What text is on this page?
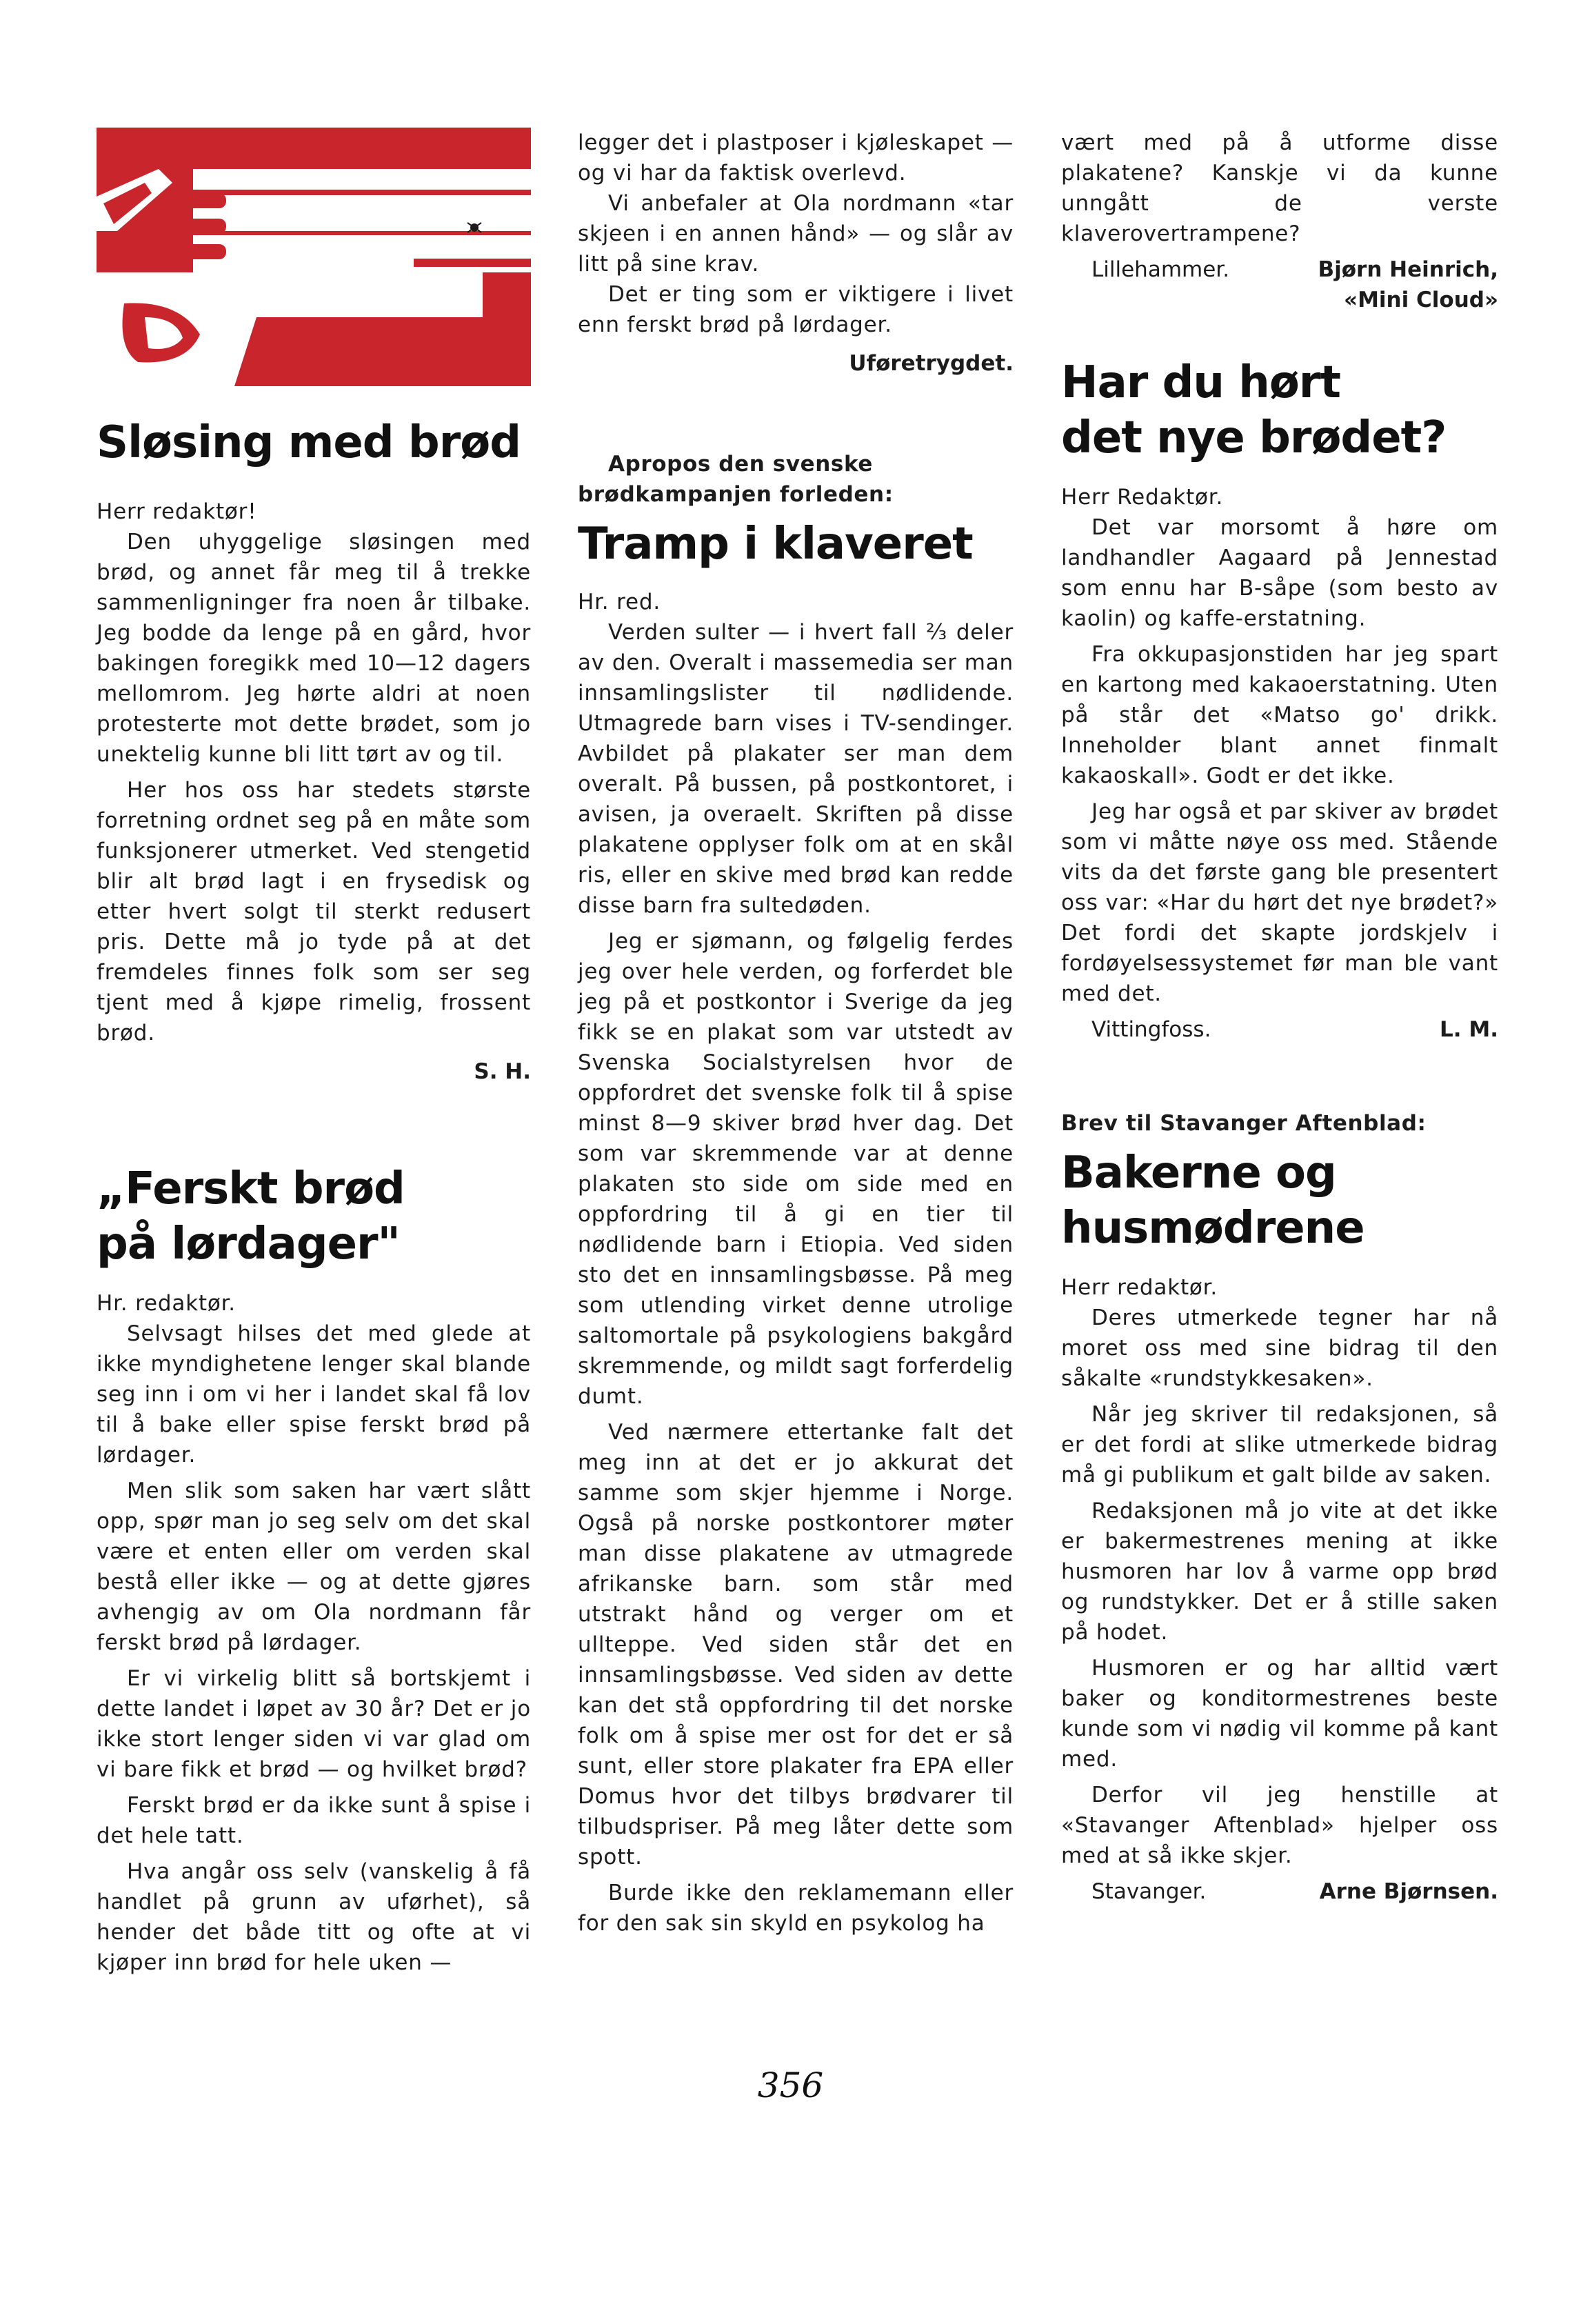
Sløsing med brød

Herr redaktør!

Den uhyggelige sløsingen med brød, og annet får meg til å trekke sammenligninger fra noen år tilbake. Jeg bodde da lenge på en gård, hvor bakingen foregikk med 10—12 dagers mellomrom. Jeg hørte aldri at noen protesterte mot dette brødet, som jo unektelig kunne bli litt tørt av og til.

Her hos oss har stedets største forretning ordnet seg på en måte som funksjonerer utmerket. Ved stengetid blir alt brød lagt i en frysedisk og etter hvert solgt til sterkt redusert pris. Dette må jo tyde på at det fremdeles finnes folk som ser seg tjent med å kjøpe rimelig, frossent brød.

S. H.
„Ferskt brød
på lørdager"

Hr. redaktør.

Selvsagt hilses det med glede at ikke myndighetene lenger skal blande seg inn i om vi her i landet skal få lov til å bake eller spise ferskt brød på lørdager.

Men slik som saken har vært slått opp, spør man jo seg selv om det skal være et enten eller om verden skal bestå eller ikke — og at dette gjøres avhengig av om Ola nordmann får ferskt brød på lørdager.

Er vi virkelig blitt så bortskjemt i dette landet i løpet av 30 år? Det er jo ikke stort lenger siden vi var glad om vi bare fikk et brød — og hvilket brød?

Ferskt brød er da ikke sunt å spise i det hele tatt.

Hva angår oss selv (vanskelig å få handlet på grunn av uførhet), så hender det både titt og ofte at vi kjøper inn brød for hele uken —

legger det i plastposer i kjøleskapet — og vi har da faktisk overlevd.

Vi anbefaler at Ola nordmann «tar skjeen i en annen hånd» — og slår av litt på sine krav.

Det er ting som er viktigere i livet enn ferskt brød på lørdager.

Uføretrygdet.
Apropos den svenske brødkampanjen forleden:
Tramp i klaveret

Hr. red.

Verden sulter — i hvert fall ⅔ deler av den. Overalt i massemedia ser man innsamlingslister til nødlidende. Utmagrede barn vises i TV-sendinger. Avbildet på plakater ser man dem overalt. På bussen, på postkontoret, i avisen, ja overaelt. Skriften på disse plakatene opplyser folk om at en skål ris, eller en skive med brød kan redde disse barn fra sultedøden.

Jeg er sjømann, og følgelig ferdes jeg over hele verden, og forferdet ble jeg på et postkontor i Sverige da jeg fikk se en plakat som var utstedt av Svenska Socialstyrelsen hvor de oppfordret det svenske folk til å spise minst 8—9 skiver brød hver dag. Det som var skremmende var at denne plakaten sto side om side med en oppfordring til å gi en tier til nødlidende barn i Etiopia. Ved siden sto det en innsamlingsbøsse. På meg som utlending virket denne utrolige saltomortale på psykologiens bakgård skremmende, og mildt sagt forferdelig dumt.

Ved nærmere ettertanke falt det meg inn at det er jo akkurat det samme som skjer hjemme i Norge. Også på norske postkontorer møter man disse plakatene av utmagrede afrikanske barn. som står med utstrakt hånd og verger om et ullteppe. Ved siden står det en innsamlingsbøsse. Ved siden av dette kan det stå oppfordring til det norske folk om å spise mer ost for det er så sunt, eller store plakater fra EPA eller Domus hvor det tilbys brødvarer til tilbudspriser. På meg låter dette som spott.

Burde ikke den reklamemann eller for den sak sin skyld en psykolog ha

vært med på å utforme disse plakatene? Kanskje vi da kunne unngått de verste klaverovertrampene?

Lillehammer.	Bjørn Heinrich,
«Mini Cloud»
Har du hørt
det nye brødet?

Herr Redaktør.

Det var morsomt å høre om landhandler Aagaard på Jennestad som ennu har B-såpe (som besto av kaolin) og kaffe-erstatning.

Fra okkupasjonstiden har jeg spart en kartong med kakaoerstatning. Uten på står det «Matso go' drikk. Inneholder blant annet finmalt kakaoskall». Godt er det ikke.

Jeg har også et par skiver av brødet som vi måtte nøye oss med. Stående vits da det første gang ble presentert oss var: «Har du hørt det nye brødet?» Det fordi det skapte jordskjelv i fordøyelsessystemet før man ble vant med det.

Vittingfoss.	L. M.
Brev til Stavanger Aftenblad:
Bakerne og
husmødrene

Herr redaktør.

Deres utmerkede tegner har nå moret oss med sine bidrag til den såkalte «rundstykkesaken».

Når jeg skriver til redaksjonen, så er det fordi at slike utmerkede bidrag må gi publikum et galt bilde av saken.

Redaksjonen må jo vite at det ikke er bakermestrenes mening at ikke husmoren har lov å varme opp brød og rundstykker. Det er å stille saken på hodet.

Husmoren er og har alltid vært baker og konditormestrenes beste kunde som vi nødig vil komme på kant med.

Derfor vil jeg henstille at «Stavanger Aftenblad» hjelper oss med at så ikke skjer.

Stavanger.	Arne Bjørnsen.
356
